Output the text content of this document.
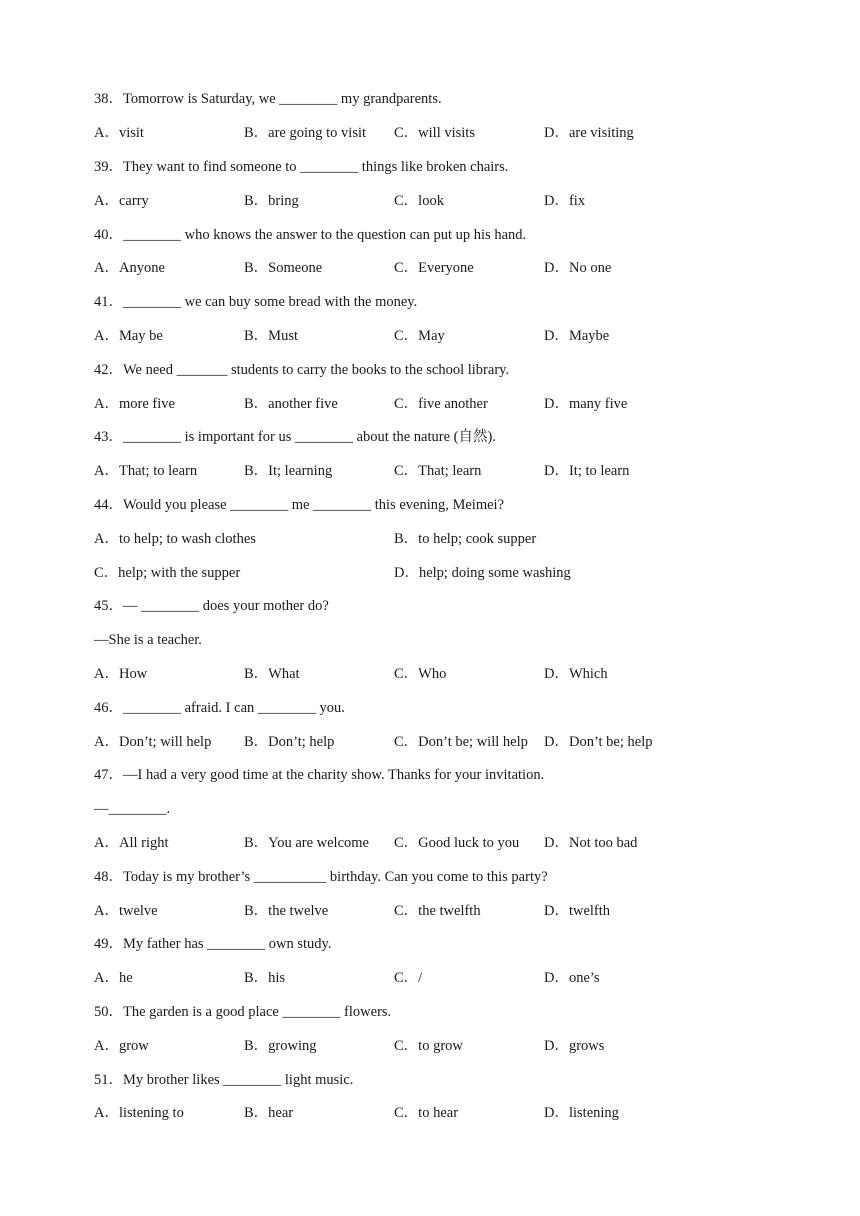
38．Tomorrow is Saturday, we ________ my grandparents.
A．visit	B．are going to visit C．will visits	D．are visiting
39．They want to find someone to ________ things like broken chairs.
A．carry	B．bring	C．look	D．fix
40．________ who knows the answer to the question can put up his hand.
A．Anyone	B．Someone	C．Everyone	D．No one
41．________ we can buy some bread with the money.
A．May be	B．Must	C．May	D．Maybe
42．We need _______ students to carry the books to the school library.
A．more five	B．another five	C．five another	D．many five
43．________ is important for us ________ about the nature (自然).
A．That; to learn	B．It; learning	C．That; learn	D．It; to learn
44．Would you please ________ me ________ this evening, Meimei?
A．to help; to wash clothes	B．to help; cook supper
C．help; with the supper	D．help; doing some washing
45．— ________ does your mother do?
—She is a teacher.
A．How	B．What	C．Who	D．Which
46．________ afraid. I can ________ you.
A．Don’t; will help B．Don’t; help	C．Don’t be; will help D．Don’t be; help
47．—I had a very good time at the charity show. Thanks for your invitation.
—________.
A．All right	B．You are welcome C．Good luck to you D．Not too bad
48．Today is my brother’s __________ birthday. Can you come to this party?
A．twelve	B．the twelve	C．the twelfth	D．twelfth
49．My father has ________ own study.
A．he	B．his	C．/	D．one’s
50．The garden is a good place ________ flowers.
A．grow	B．growing	C．to grow	D．grows
51．My brother likes ________ light music.
A．listening to	B．hear	C．to hear	D．listening
